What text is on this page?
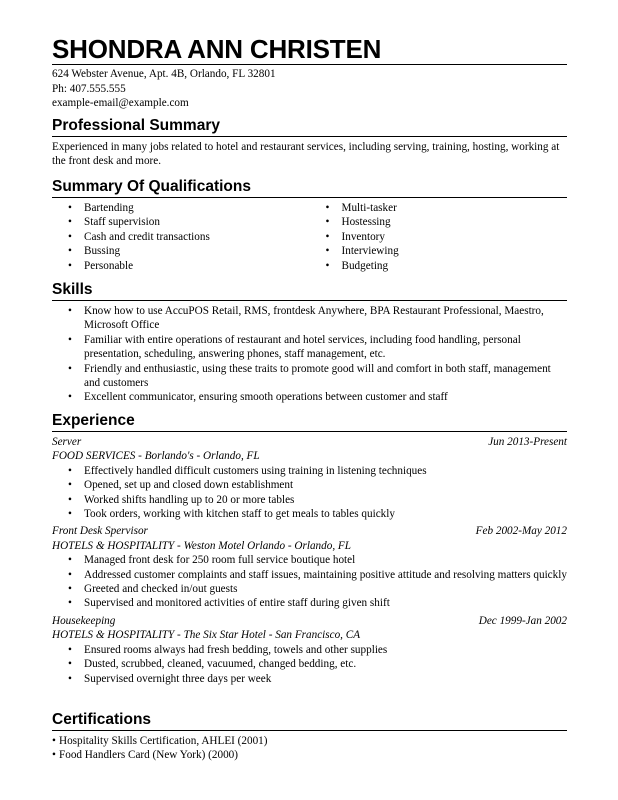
SHONDRA ANN CHRISTEN
624 Webster Avenue, Apt. 4B, Orlando, FL 32801
Ph: 407.555.555
example-email@example.com
Professional Summary

Experienced in many jobs related to hotel and restaurant services, including serving, training, hosting, working at the front desk and more.

Summary Of Qualifications
• Bartending
• Staff supervision
• Cash and credit transactions
• Bussing
• Personable
• Multi-tasker
• Hostessing
• Inventory
• Interviewing
• Budgeting
Skills
• Know how to use AccuPOS Retail, RMS, frontdesk Anywhere, BPA Restaurant Professional, Maestro, Microsoft Office
• Familiar with entire operations of restaurant and hotel services, including food handling, personal presentation, scheduling, answering phones, staff management, etc.
• Friendly and enthusiastic, using these traits to promote good will and comfort in both staff, management and customers
• Excellent communicator, ensuring smooth operations between customer and staff
Experience
Server	Jun 2013-Present
FOOD SERVICES - Borlando's - Orlando, FL
• Effectively handled difficult customers using training in listening techniques
• Opened, set up and closed down establishment
• Worked shifts handling up to 20 or more tables
• Took orders, working with kitchen staff to get meals to tables quickly
Front Desk Spervisor	Feb 2002-May 2012
HOTELS & HOSPITALITY - Weston Motel Orlando - Orlando, FL
• Managed front desk for 250 room full service boutique hotel
• Addressed customer complaints and staff issues, maintaining positive attitude and resolving matters quickly
• Greeted and checked in/out guests
• Supervised and monitored activities of entire staff during given shift
Housekeeping	Dec 1999-Jan 2002
HOTELS & HOSPITALITY - The Six Star Hotel - San Francisco, CA
• Ensured rooms always had fresh bedding, towels and other supplies
• Dusted, scrubbed, cleaned, vacuumed, changed bedding, etc.
• Supervised overnight three days per week
Certifications
• Hospitality Skills Certification, AHLEI (2001)
• Food Handlers Card (New York) (2000)
